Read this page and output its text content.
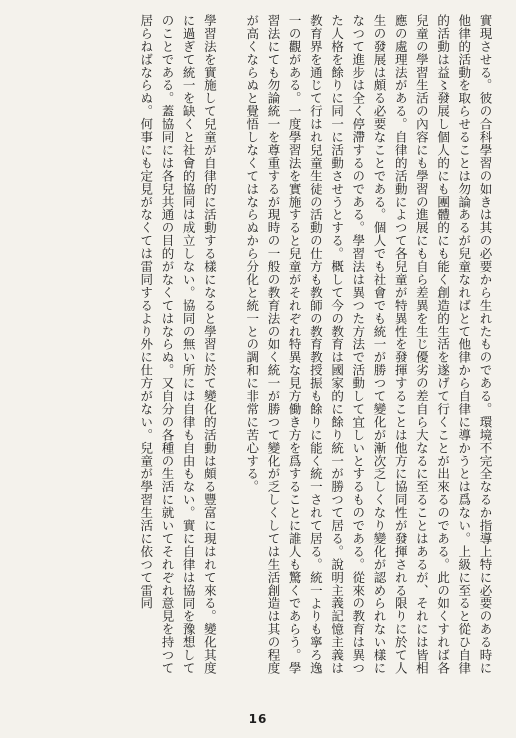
實現させる。彼の合科學習の如きは其の必要から生れたものである。環境不完全なるか指導上特に必要のある時に他律的活動を取らせることは勿論あるが兒童なればとて他律から自律に導かうとは爲ない。上級に至ると從ひ自律的活動は益〻發展し個人的にも團體的にも能く創造的生活を遂げて行くことが出來るのである。此の如くすれば各兒童の學習生活の內容にも學習の進展にも自ら差異を生じ優劣の差自ら大なるに至ることはあるが、それには皆相應の處理法がある。自律的活動によつて各兒童が特異性を發揮することは他方に協同性が發揮される限りに於て人生の發展は頗る必要なことである。個人でも社會でも統一が勝つて變化が漸次乏しくなり變化が認められない樣になつて進步は全く停滯するのである。學習法は異つた方法で活動して宜しいとするものである。從來の教育は異つた人格を餘りに同一に活動させうとする。概して今の教育は國家的に餘り統一が勝つて居る。說明主義記憶主義は教育界を通じて行はれ兒童生徒の活動の仕方も教師の教育教授振も餘りに能く統一されて居る。統一よりも寧ろ逸一の觀がある。一度學習法を實施すると兒童がそれぞれ特異な見方働き方を爲することに誰人も驚くであらう。學習法にても勿論統一を尊重するが現時の一般の教育法の如く統一が勝つて變化が乏しくしては生活創造は其の程度が高くならぬと覺悟しなくてはならぬから分化と統一との調和に非常に苦心する。

學習法を實施して兒童が自律的に活動する樣になると學習に於て變化的活動は頗る豐富に現はれて來る。變化其度に過ぎて統一を缺くと社會的協同は成立しない。協同の無い所には自律も自由もない。實に自律は協同を豫想してのことである。蓋協同には各兒共通の目的がなくてはならぬ。又自分の各種の生活に就いてそれぞれ意見を持つて居らねばならぬ。何事にも定見がなくては雷同するより外に仕方がない。兒童が學習生活に依つて雷同

16
